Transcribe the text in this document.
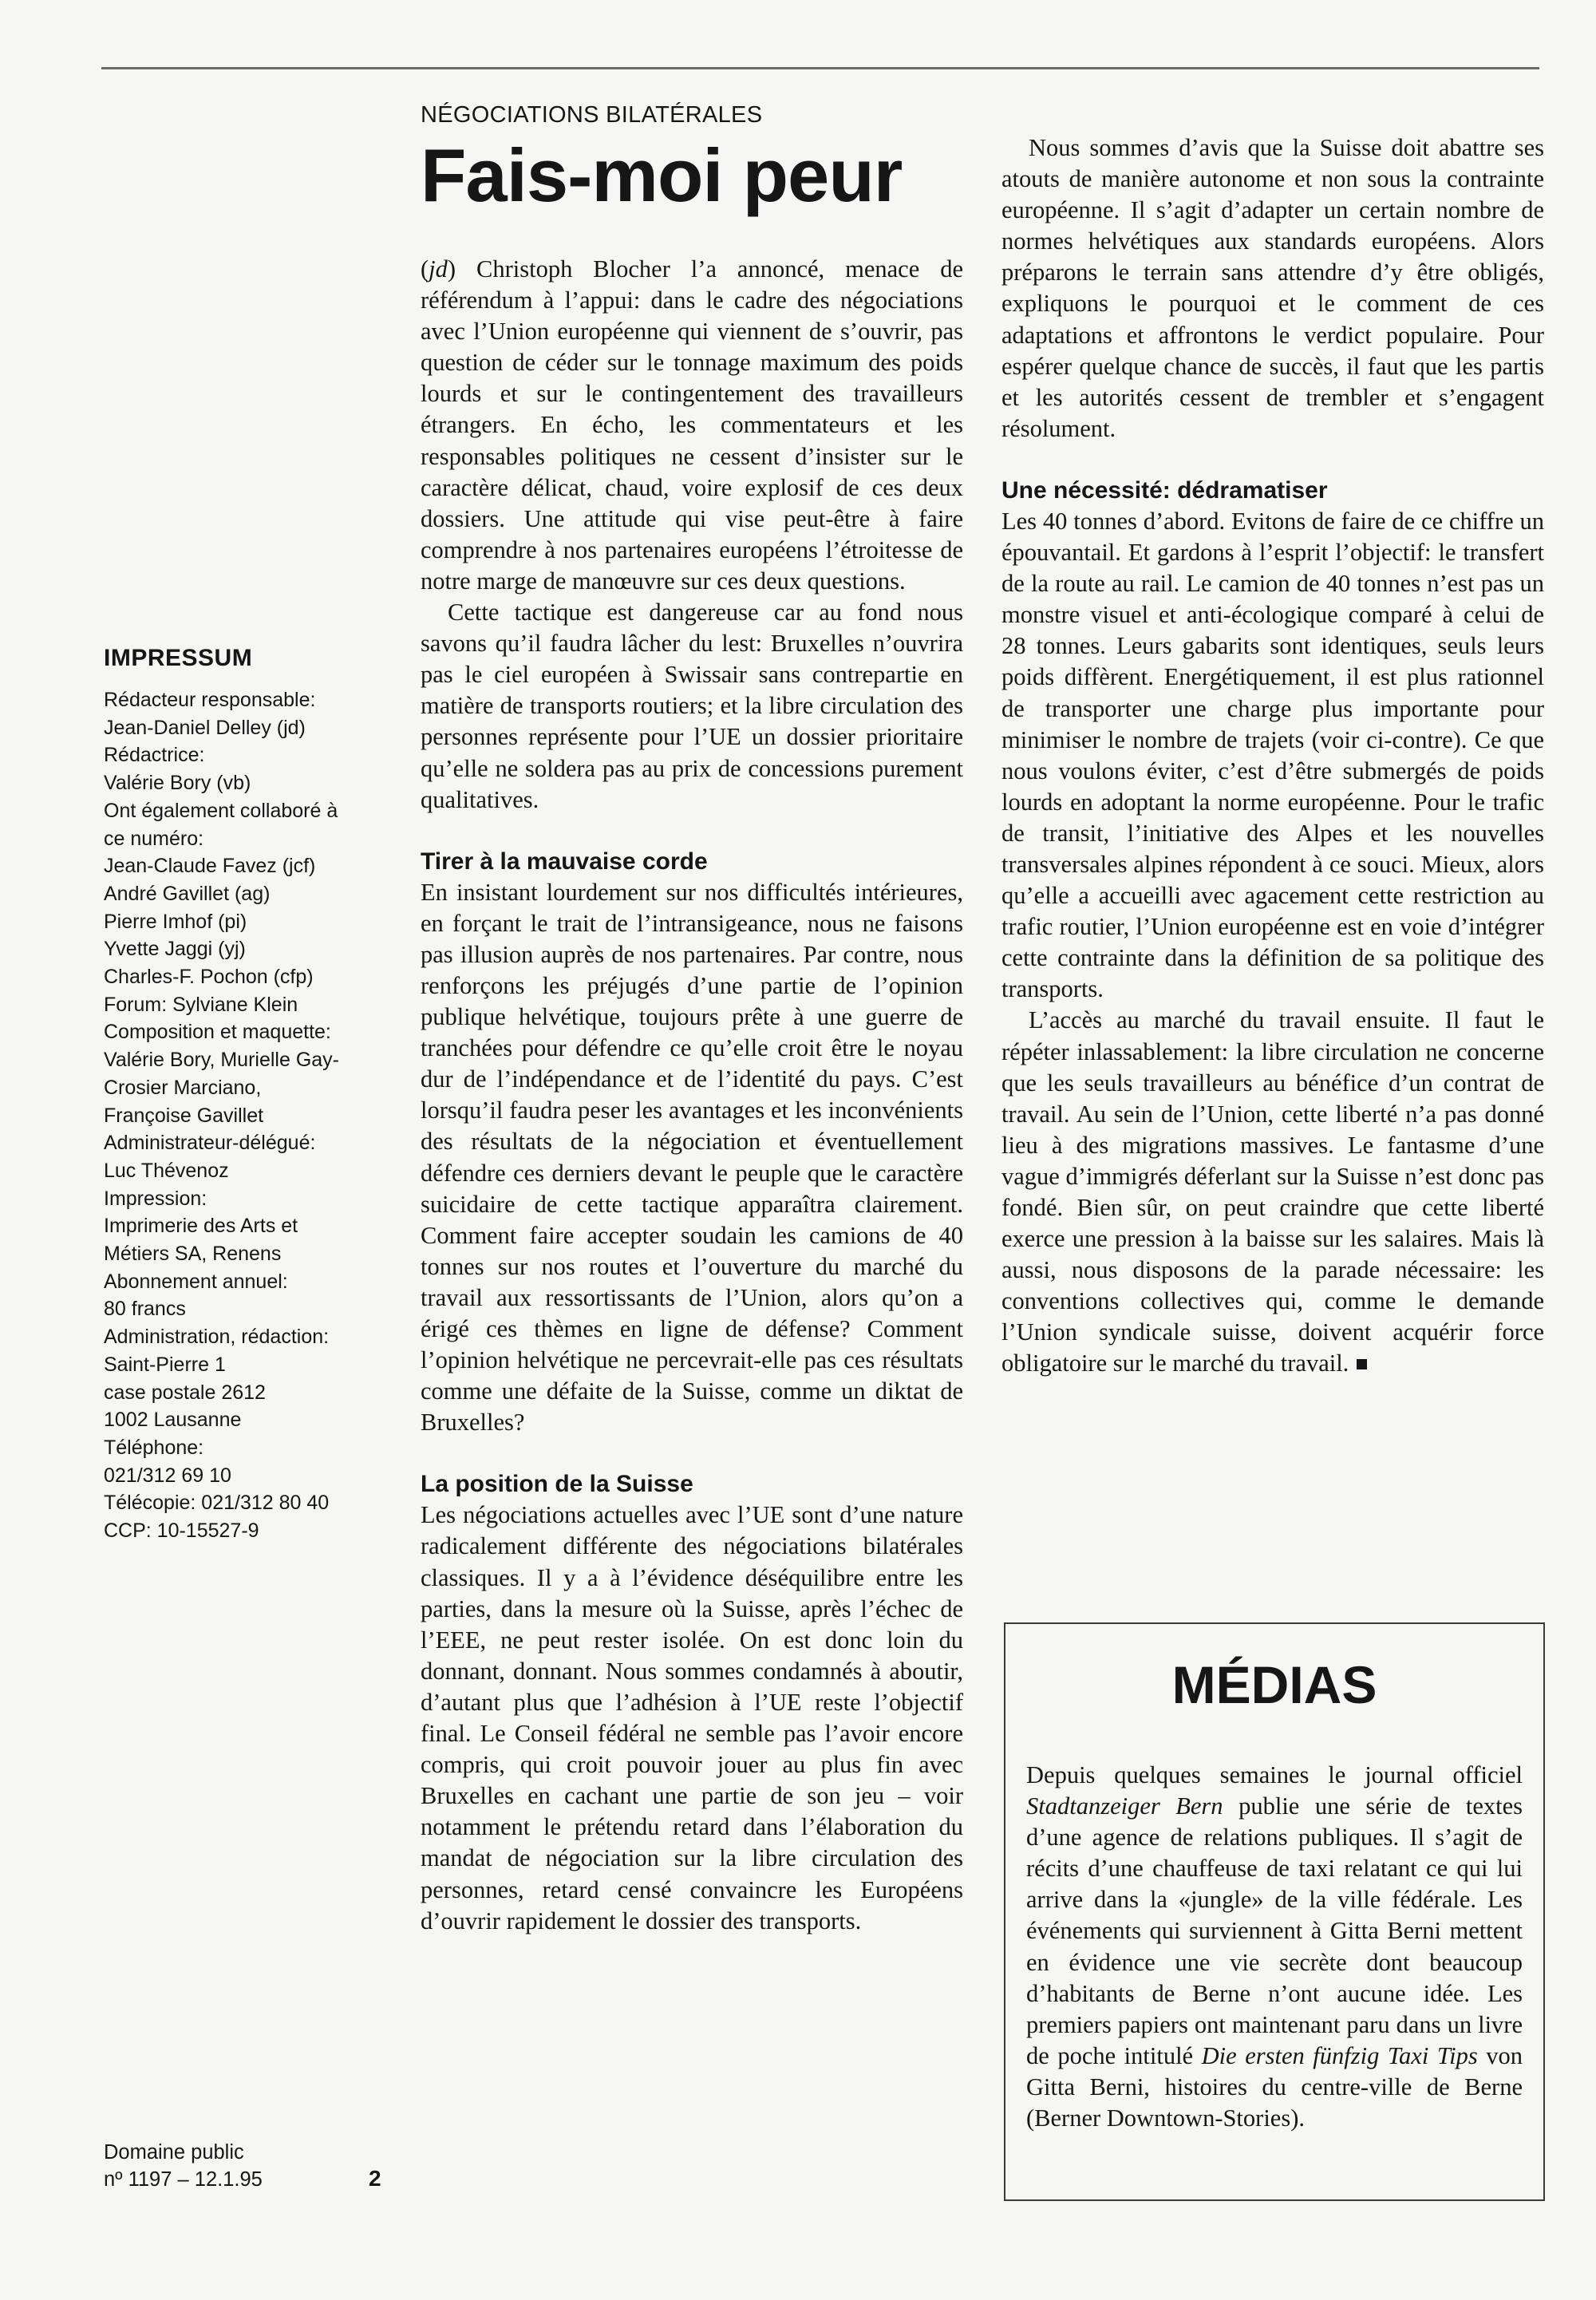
IMPRESSUM

Rédacteur responsable:

Jean-Daniel Delley (jd)

Rédactrice:

Valérie Bory (vb)

Ont également collaboré à

ce numéro:

Jean-Claude Favez (jcf)

André Gavillet (ag)

Pierre Imhof (pi)

Yvette Jaggi (yj)

Charles-F. Pochon (cfp)

Forum: Sylviane Klein

Composition et maquette:

Valérie Bory, Murielle Gay-

Crosier Marciano,

Françoise Gavillet

Administrateur-délégué:

Luc Thévenoz

Impression:

Imprimerie des Arts et

Métiers SA, Renens

Abonnement annuel:

80 francs

Administration, rédaction:

Saint-Pierre 1

case postale 2612

1002 Lausanne

Téléphone:

021/312 69 10

Télécopie: 021/312 80 40

CCP: 10-15527-9

Domaine public
nº 1197 – 12.1.95	2
NÉGOCIATIONS BILATÉRALES
Fais-moi peur

(jd) Christoph Blocher l’a annoncé, menace de référendum à l’appui: dans le cadre des négociations avec l’Union européenne qui viennent de s’ouvrir, pas question de céder sur le tonnage maximum des poids lourds et sur le contingentement des travailleurs étrangers. En écho, les commentateurs et les responsables politiques ne cessent d’insister sur le caractère délicat, chaud, voire explosif de ces deux dossiers. Une attitude qui vise peut-être à faire comprendre à nos partenaires européens l’étroitesse de notre marge de manœuvre sur ces deux questions.

Cette tactique est dangereuse car au fond nous savons qu’il faudra lâcher du lest: Bruxelles n’ouvrira pas le ciel européen à Swissair sans contrepartie en matière de transports routiers; et la libre circulation des personnes représente pour l’UE un dossier prioritaire qu’elle ne soldera pas au prix de concessions purement qualitatives.

Tirer à la mauvaise corde

En insistant lourdement sur nos difficultés intérieures, en forçant le trait de l’intransigeance, nous ne faisons pas illusion auprès de nos partenaires. Par contre, nous renforçons les préjugés d’une partie de l’opinion publique helvétique, toujours prête à une guerre de tranchées pour défendre ce qu’elle croit être le noyau dur de l’indépendance et de l’identité du pays. C’est lorsqu’il faudra peser les avantages et les inconvénients des résultats de la négociation et éventuellement défendre ces derniers devant le peuple que le caractère suicidaire de cette tactique apparaîtra clairement. Comment faire accepter soudain les camions de 40 tonnes sur nos routes et l’ouverture du marché du travail aux ressortissants de l’Union, alors qu’on a érigé ces thèmes en ligne de défense? Comment l’opinion helvétique ne percevrait-elle pas ces résultats comme une défaite de la Suisse, comme un diktat de Bruxelles?

La position de la Suisse

Les négociations actuelles avec l’UE sont d’une nature radicalement différente des négociations bilatérales classiques. Il y a à l’évidence déséquilibre entre les parties, dans la mesure où la Suisse, après l’échec de l’EEE, ne peut rester isolée. On est donc loin du donnant, donnant. Nous sommes condamnés à aboutir, d’autant plus que l’adhésion à l’UE reste l’objectif final. Le Conseil fédéral ne semble pas l’avoir encore compris, qui croit pouvoir jouer au plus fin avec Bruxelles en cachant une partie de son jeu – voir notamment le prétendu retard dans l’élaboration du mandat de négociation sur la libre circulation des personnes, retard censé convaincre les Européens d’ouvrir rapidement le dossier des transports.

Nous sommes d’avis que la Suisse doit abattre ses atouts de manière autonome et non sous la contrainte européenne. Il s’agit d’adapter un certain nombre de normes helvétiques aux standards européens. Alors préparons le terrain sans attendre d’y être obligés, expliquons le pourquoi et le comment de ces adaptations et affrontons le verdict populaire. Pour espérer quelque chance de succès, il faut que les partis et les autorités cessent de trembler et s’engagent résolument.

Une nécessité: dédramatiser

Les 40 tonnes d’abord. Evitons de faire de ce chiffre un épouvantail. Et gardons à l’esprit l’objectif: le transfert de la route au rail. Le camion de 40 tonnes n’est pas un monstre visuel et anti-écologique comparé à celui de 28 tonnes. Leurs gabarits sont identiques, seuls leurs poids diffèrent. Energétiquement, il est plus rationnel de transporter une charge plus importante pour minimiser le nombre de trajets (voir ci-contre). Ce que nous voulons éviter, c’est d’être submergés de poids lourds en adoptant la norme européenne. Pour le trafic de transit, l’initiative des Alpes et les nouvelles transversales alpines répondent à ce souci. Mieux, alors qu’elle a accueilli avec agacement cette restriction au trafic routier, l’Union européenne est en voie d’intégrer cette contrainte dans la définition de sa politique des transports.

L’accès au marché du travail ensuite. Il faut le répéter inlassablement: la libre circulation ne concerne que les seuls travailleurs au bénéfice d’un contrat de travail. Au sein de l’Union, cette liberté n’a pas donné lieu à des migrations massives. Le fantasme d’une vague d’immigrés déferlant sur la Suisse n’est donc pas fondé. Bien sûr, on peut craindre que cette liberté exerce une pression à la baisse sur les salaires. Mais là aussi, nous disposons de la parade nécessaire: les conventions collectives qui, comme le demande l’Union syndicale suisse, doivent acquérir force obligatoire sur le marché du travail.

MÉDIAS
Depuis quelques semaines le journal officiel Stadtanzeiger Bern publie une série de textes d’une agence de relations publiques. Il s’agit de récits d’une chauffeuse de taxi relatant ce qui lui arrive dans la «jungle» de la ville fédérale. Les événements qui surviennent à Gitta Berni mettent en évidence une vie secrète dont beaucoup d’habitants de Berne n’ont aucune idée. Les premiers papiers ont maintenant paru dans un livre de poche intitulé Die ersten fünfzig Taxi Tips von Gitta Berni, histoires du centre-ville de Berne (Berner Downtown-Stories).
